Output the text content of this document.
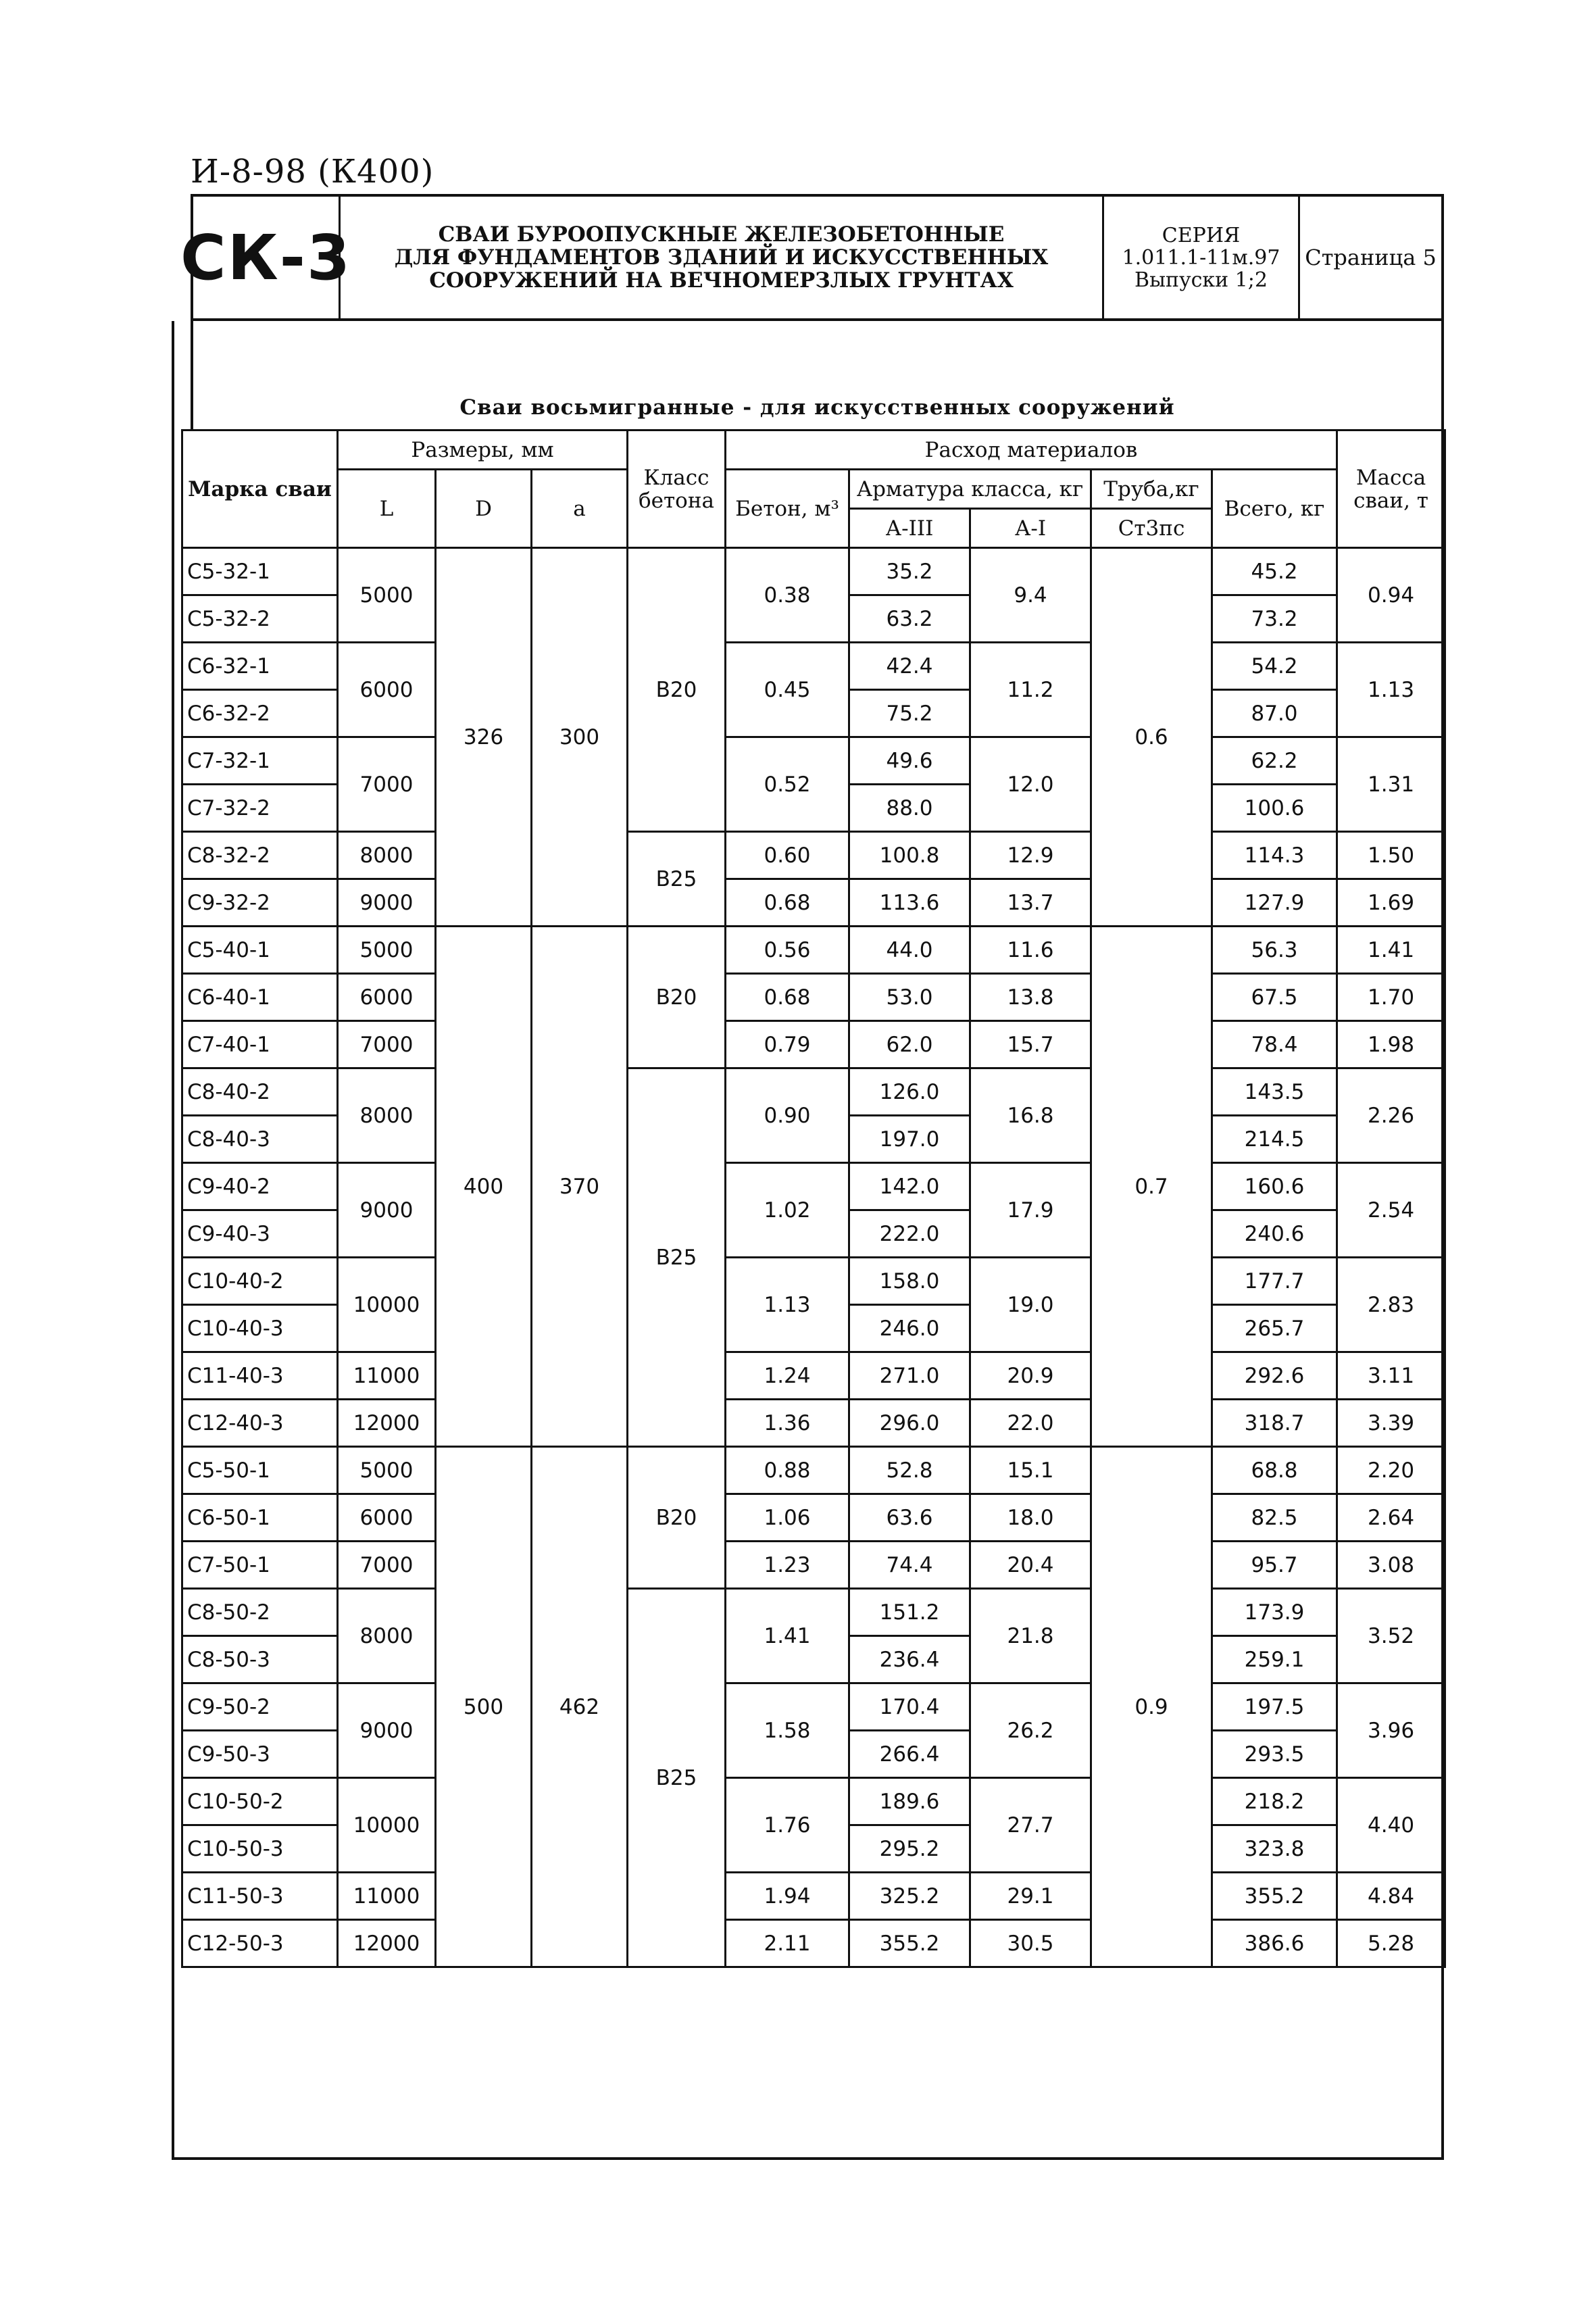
И-8-98 (К400)
СК-3	СВАИ БУРООПУСКНЫЕ ЖЕЛЕЗОБЕТОННЫЕ
ДЛЯ ФУНДАМЕНТОВ ЗДАНИЙ И ИСКУССТВЕННЫХ
СООРУЖЕНИЙ НА ВЕЧНОМЕРЗЛЫХ ГРУНТАХ
СЕРИЯ
1.011.1-11м.97
Выпуски 1;2
Страница 5
Сваи восьмигранные - для искусственных сооружений
Марка сваи	Размеры, мм			Класс бетона	Расход материалов					Масса сваи, т
	L	D	a		Бетон, м³	Арматура класса, кг		Труба,кг	Всего, кг	
						А-III	А-I	Ст3пс		
С5-32-1	5000	326	300	В20	0.38	35.2	9.4	0.6	45.2	0.94
С5-32-2						63.2			73.2	
С6-32-1	6000				0.45	42.4	11.2		54.2	1.13
С6-32-2						75.2			87.0	
С7-32-1	7000				0.52	49.6	12.0		62.2	1.31
С7-32-2						88.0			100.6	
С8-32-2	8000			В25	0.60	100.8	12.9		114.3	1.50
С9-32-2	9000				0.68	113.6	13.7		127.9	1.69
С5-40-1	5000	400	370	В20	0.56	44.0	11.6	0.7	56.3	1.41
С6-40-1	6000				0.68	53.0	13.8		67.5	1.70
С7-40-1	7000				0.79	62.0	15.7		78.4	1.98
С8-40-2	8000			В25	0.90	126.0	16.8		143.5	2.26
С8-40-3						197.0			214.5	
С9-40-2	9000				1.02	142.0	17.9		160.6	2.54
С9-40-3						222.0			240.6	
С10-40-2	10000				1.13	158.0	19.0		177.7	2.83
С10-40-3						246.0			265.7	
С11-40-3	11000				1.24	271.0	20.9		292.6	3.11
С12-40-3	12000				1.36	296.0	22.0		318.7	3.39
С5-50-1	5000	500	462	В20	0.88	52.8	15.1	0.9	68.8	2.20
С6-50-1	6000				1.06	63.6	18.0		82.5	2.64
С7-50-1	7000				1.23	74.4	20.4		95.7	3.08
С8-50-2	8000			В25	1.41	151.2	21.8		173.9	3.52
С8-50-3						236.4			259.1	
С9-50-2	9000				1.58	170.4	26.2		197.5	3.96
С9-50-3						266.4			293.5	
С10-50-2	10000				1.76	189.6	27.7		218.2	4.40
С10-50-3						295.2			323.8	
С11-50-3	11000				1.94	325.2	29.1		355.2	4.84
С12-50-3	12000				2.11	355.2	30.5		386.6	5.28
